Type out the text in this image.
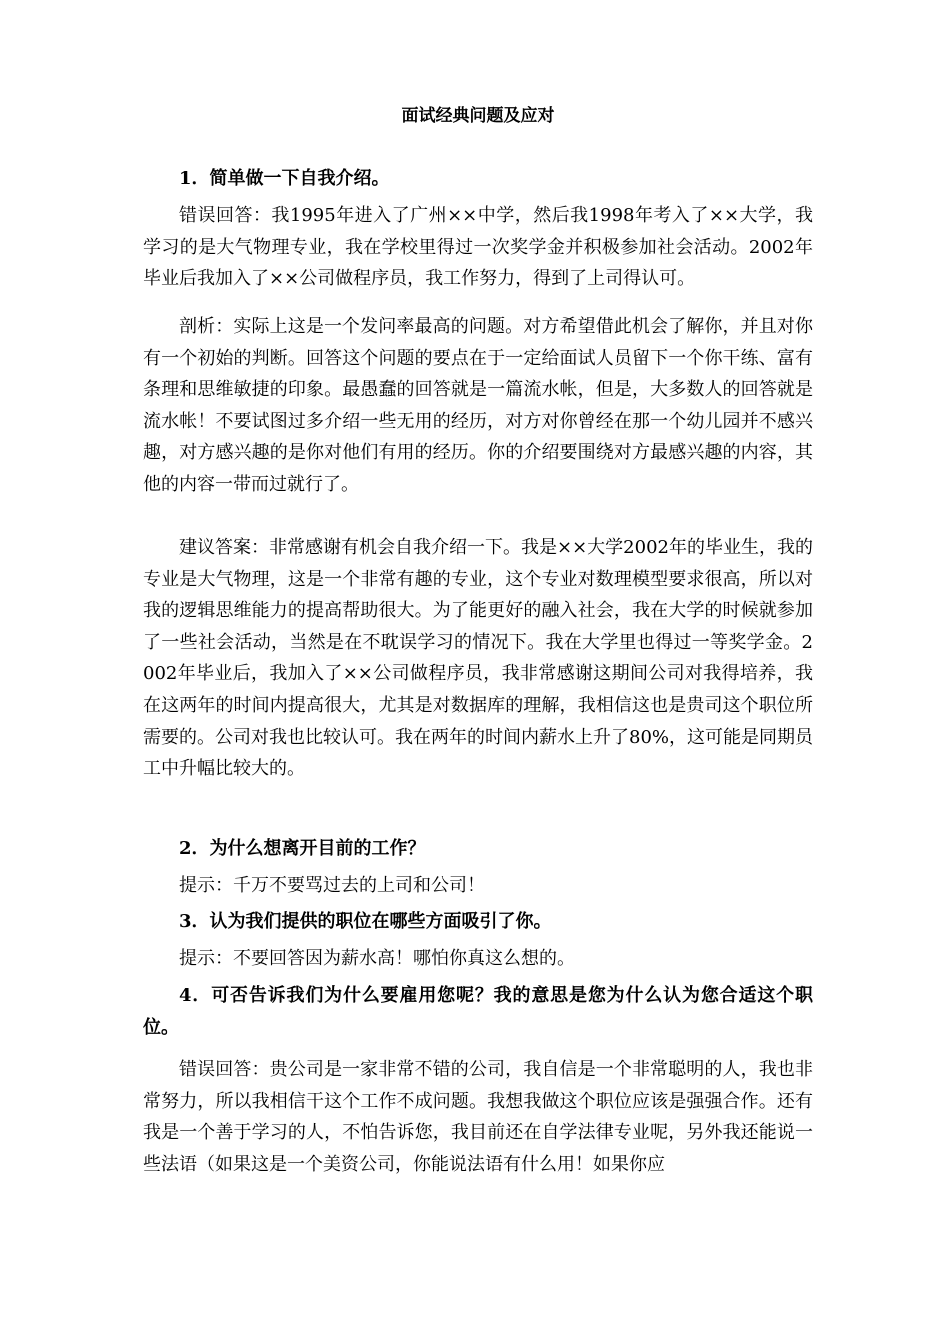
面试经典问题及应对
1．简单做一下自我介绍。
错误回答：我1995年进入了广州××中学，然后我1998年考入了××大学，我学习的是大气物理专业，我在学校里得过一次奖学金并积极参加社会活动。2002年毕业后我加入了××公司做程序员，我工作努力，得到了上司得认可。
剖析：实际上这是一个发问率最高的问题。对方希望借此机会了解你，并且对你有一个初始的判断。回答这个问题的要点在于一定给面试人员留下一个你干练、富有条理和思维敏捷的印象。最愚蠢的回答就是一篇流水帐，但是，大多数人的回答就是流水帐！不要试图过多介绍一些无用的经历，对方对你曾经在那一个幼儿园并不感兴趣，对方感兴趣的是你对他们有用的经历。你的介绍要围绕对方最感兴趣的内容，其他的内容一带而过就行了。
建议答案：非常感谢有机会自我介绍一下。我是××大学2002年的毕业生，我的专业是大气物理，这是一个非常有趣的专业，这个专业对数理模型要求很高，所以对我的逻辑思维能力的提高帮助很大。为了能更好的融入社会，我在大学的时候就参加了一些社会活动，当然是在不耽误学习的情况下。我在大学里也得过一等奖学金。2002年毕业后，我加入了××公司做程序员，我非常感谢这期间公司对我得培养，我在这两年的时间内提高很大，尤其是对数据库的理解，我相信这也是贵司这个职位所需要的。公司对我也比较认可。我在两年的时间内薪水上升了80%，这可能是同期员工中升幅比较大的。
2．为什么想离开目前的工作？
提示：千万不要骂过去的上司和公司！
3．认为我们提供的职位在哪些方面吸引了你。
提示：不要回答因为薪水高！哪怕你真这么想的。
4．可否告诉我们为什么要雇用您呢？我的意思是您为什么认为您合适这个职位。
错误回答：贵公司是一家非常不错的公司，我自信是一个非常聪明的人，我也非常努力，所以我相信干这个工作不成问题。我想我做这个职位应该是强强合作。还有我是一个善于学习的人，不怕告诉您，我目前还在自学法律专业呢，另外我还能说一些法语（如果这是一个美资公司，你能说法语有什么用！如果你应
